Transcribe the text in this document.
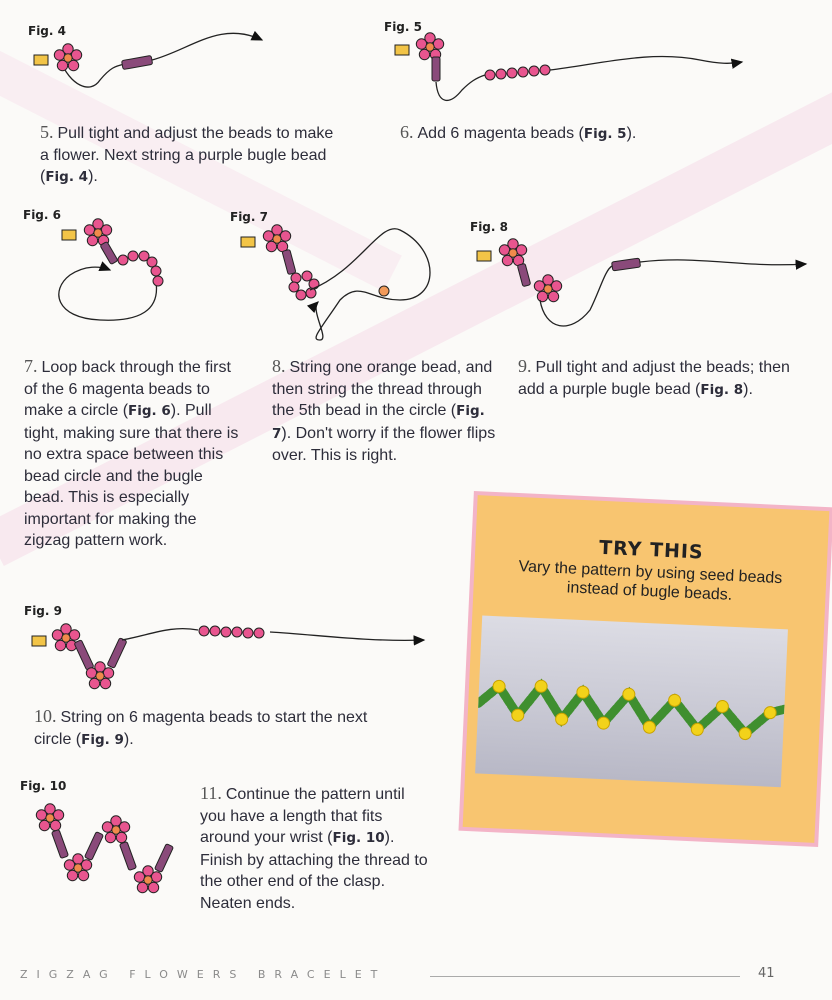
Fig. 4	Fig. 5
Fig. 6	Fig. 7
Fig. 8
Fig. 9
Fig. 10
5. Pull tight and adjust the beads to make a flower. Next string a purple bugle bead (Fig. 4).
6. Add 6 magenta beads (Fig. 5).
7. Loop back through the first of the 6 magenta beads to make a circle (Fig. 6). Pull tight, making sure that there is no extra space between this bead circle and the bugle bead. This is especially important for making the zigzag pattern work.
8. String one orange bead, and then string the thread through the 5th bead in the circle (Fig. 7). Don't worry if the flower flips over. This is right.
9. Pull tight and adjust the beads; then add a purple bugle bead (Fig. 8).
10. String on 6 magenta beads to start the next circle (Fig. 9).
11. Continue the pattern until you have a length that fits around your wrist (Fig. 10). Finish by attaching the thread to the other end of the clasp. Neaten ends.
TRY THIS
Vary the pattern by using seed beads instead of bugle beads.
ZIGZAG FLOWERS BRACELET	41
